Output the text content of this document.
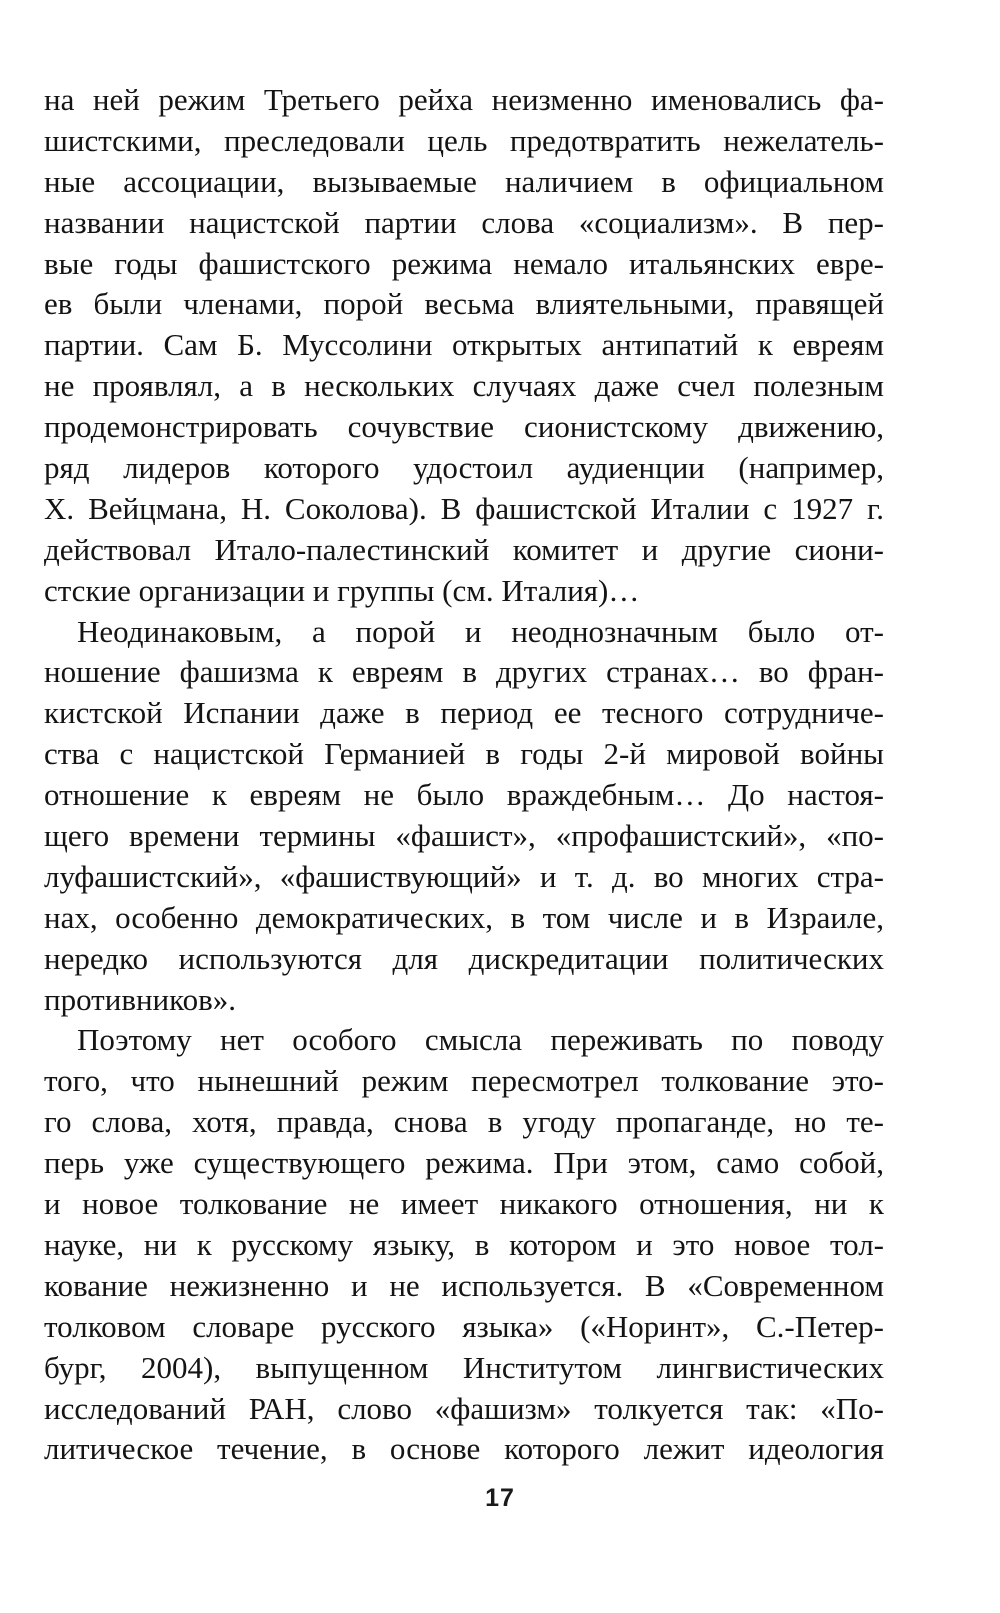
на ней режим Третьего рейха неизменно именовались фа-
шистскими, преследовали цель предотвратить нежелатель-
ные ассоциации, вызываемые наличием в официальном
названии нацистской партии слова «социализм». В пер-
вые годы фашистского режима немало итальянских евре-
ев были членами, порой весьма влиятельными, правящей
партии. Сам Б. Муссолини открытых антипатий к евреям
не проявлял, а в нескольких случаях даже счел полезным
продемонстрировать сочувствие сионистскому движению,
ряд лидеров которого удостоил аудиенции (например,
Х. Вейцмана, Н. Соколова). В фашистской Италии с 1927 г.
действовал Итало-палестинский комитет и другие сиони-
стские организации и группы (см. Италия)…
Неодинаковым, а порой и неоднозначным было от-
ношение фашизма к евреям в других странах… во фран-
кистской Испании даже в период ее тесного сотрудниче-
ства с нацистской Германией в годы 2-й мировой войны
отношение к евреям не было враждебным… До настоя-
щего времени термины «фашист», «профашистский», «по-
луфашистский», «фашиствующий» и т. д. во многих стра-
нах, особенно демократических, в том числе и в Израиле,
нередко используются для дискредитации политических
противников».
Поэтому нет особого смысла переживать по поводу
того, что нынешний режим пересмотрел толкование это-
го слова, хотя, правда, снова в угоду пропаганде, но те-
перь уже существующего режима. При этом, само собой,
и новое толкование не имеет никакого отношения, ни к
науке, ни к русскому языку, в котором и это новое тол-
кование нежизненно и не используется. В «Современном
толковом словаре русского языка» («Норинт», С.-Петер-
бург, 2004), выпущенном Институтом лингвистических
исследований РАН, слово «фашизм» толкуется так: «По-
литическое течение, в основе которого лежит идеология
17
